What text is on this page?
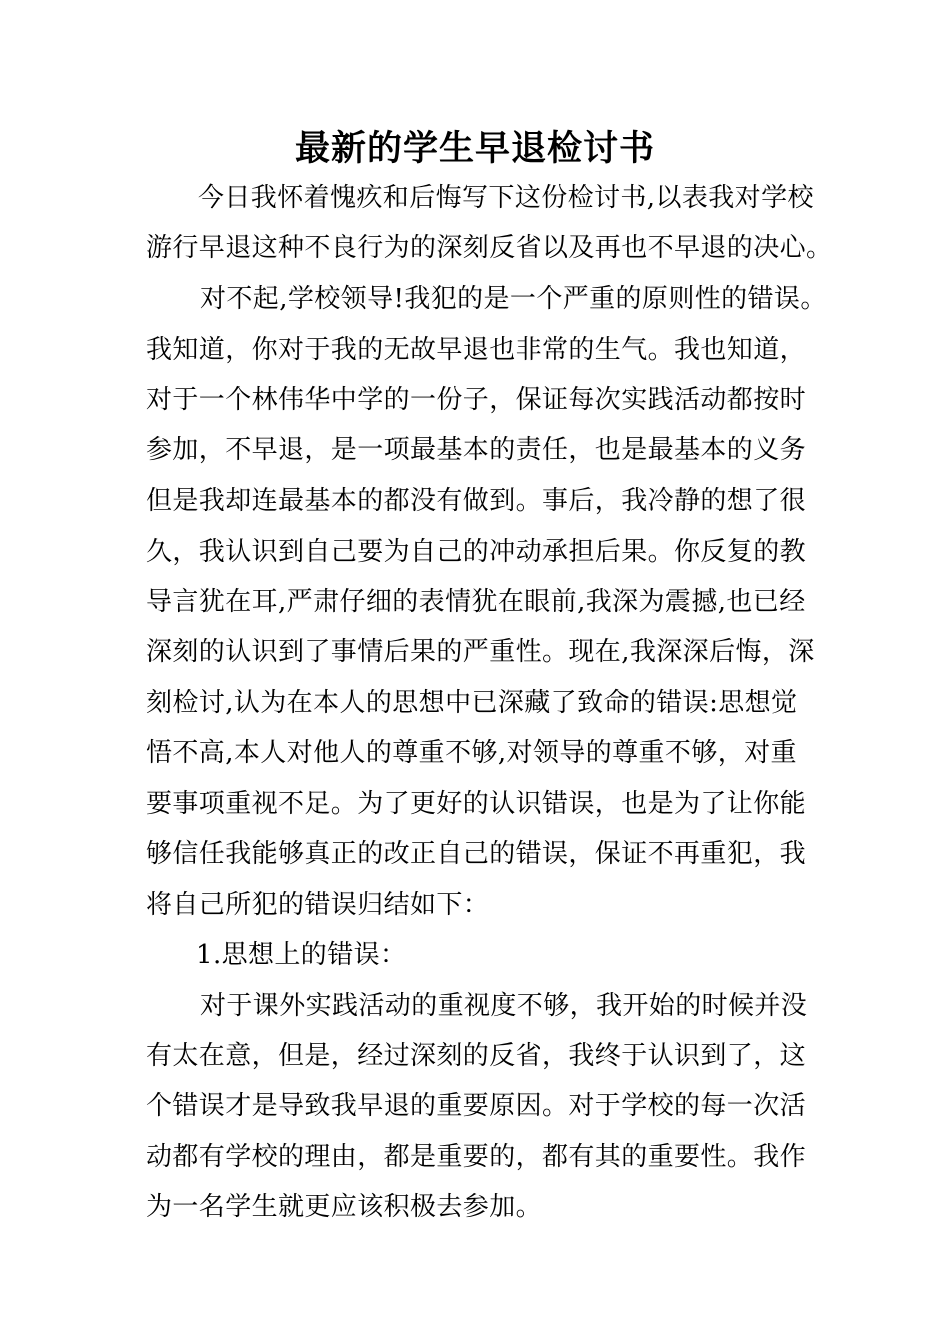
最新的学生早退检讨书
今日我怀着愧疚和后悔写下这份检讨书,以表我对学校
游行早退这种不良行为的深刻反省以及再也不早退的决心。
对不起,学校领导!我犯的是一个严重的原则性的错误。
我知道，你对于我的无故早退也非常的生气。我也知道，
对于一个林伟华中学的一份子，保证每次实践活动都按时
参加，不早退，是一项最基本的责任，也是最基本的义务
但是我却连最基本的都没有做到。事后，我冷静的想了很
久，我认识到自己要为自己的冲动承担后果。你反复的教
导言犹在耳,严肃仔细的表情犹在眼前,我深为震撼,也已经
深刻的认识到了事情后果的严重性。现在,我深深后悔，深
刻检讨,认为在本人的思想中已深藏了致命的错误:思想觉
悟不高,本人对他人的尊重不够,对领导的尊重不够，对重
要事项重视不足。为了更好的认识错误，也是为了让你能
够信任我能够真正的改正自己的错误，保证不再重犯，我
将自己所犯的错误归结如下：
1.思想上的错误：
对于课外实践活动的重视度不够，我开始的时候并没
有太在意，但是，经过深刻的反省，我终于认识到了，这
个错误才是导致我早退的重要原因。对于学校的每一次活
动都有学校的理由，都是重要的，都有其的重要性。我作
为一名学生就更应该积极去参加。
